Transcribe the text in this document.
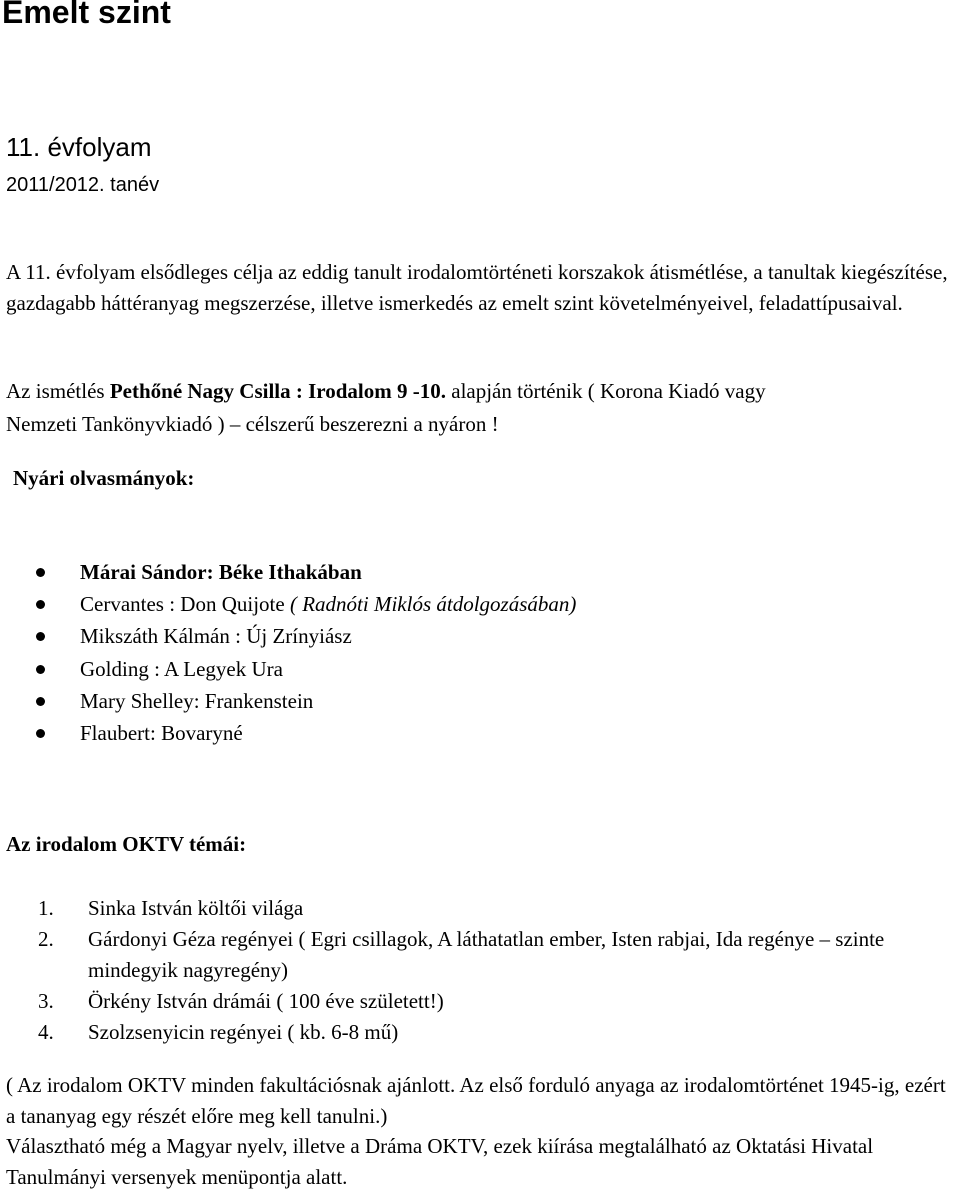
Emelt szint
11. évfolyam
2011/2012. tanév
A 11. évfolyam elsődleges célja az eddig tanult irodalomtörténeti korszakok átismétlése, a tanultak kiegészítése, gazdagabb háttéranyag megszerzése, illetve ismerkedés az emelt szint követelményeivel, feladattípusaival.
Az ismétlés Pethőné Nagy Csilla : Irodalom 9 -10. alapján történik ( Korona Kiadó vagy
Nemzeti Tankönyvkiadó ) – célszerű beszerezni a nyáron !
Nyári olvasmányok:
Márai Sándor: Béke Ithakában
Cervantes : Don Quijote ( Radnóti Miklós átdolgozásában)
Mikszáth Kálmán : Új Zrínyiász
Golding : A Legyek Ura
Mary Shelley: Frankenstein
Flaubert: Bovaryné
Az irodalom OKTV témái:
1. Sinka István költői világa
2. Gárdonyi Géza regényei ( Egri csillagok, A láthatatlan ember, Isten rabjai, Ida regénye – szinte mindegyik nagyregény)
3. Örkény István drámái ( 100 éve született!)
4. Szolzsenyicin regényei ( kb. 6-8 mű)
( Az irodalom OKTV minden fakultációsnak ajánlott. Az első forduló anyaga az irodalomtörténet 1945-ig, ezért a tananyag egy részét előre meg kell tanulni.)
Választható még a Magyar nyelv, illetve a Dráma OKTV, ezek kiírása megtalálható az Oktatási Hivatal Tanulmányi versenyek menüpontja alatt.
